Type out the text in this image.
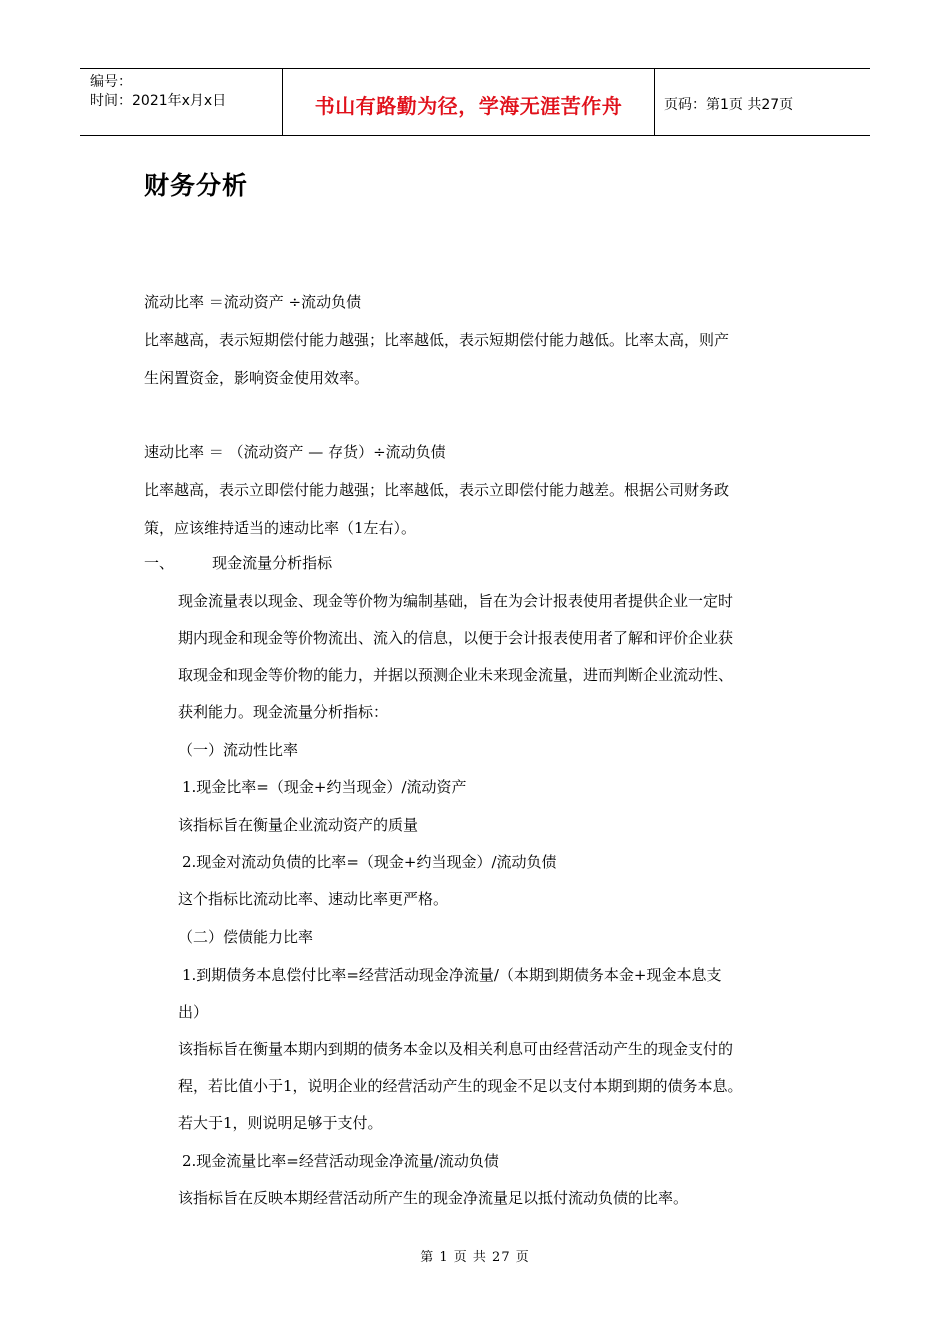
编号：
时间：2021年x月x日	书山有路勤为径，学海无涯苦作舟	页码：第1页 共27页
财务分析
流动比率 ＝流动资产 ÷流动负债
比率越高，表示短期偿付能力越强；比率越低，表示短期偿付能力越低。比率太高，则产
生闲置资金，影响资金使用效率。
速动比率 ＝ （流动资产 — 存货）÷流动负债
比率越高，表示立即偿付能力越强；比率越低，表示立即偿付能力越差。根据公司财务政
策，应该维持适当的速动比率（1左右）。
一、        现金流量分析指标
现金流量表以现金、现金等价物为编制基础，旨在为会计报表使用者提供企业一定时
期内现金和现金等价物流出、流入的信息，以便于会计报表使用者了解和评价企业获
取现金和现金等价物的能力，并据以预测企业未来现金流量，进而判断企业流动性、
获利能力。现金流量分析指标：
（一）流动性比率
1.现金比率=（现金+约当现金）/流动资产
该指标旨在衡量企业流动资产的质量
2.现金对流动负债的比率=（现金+约当现金）/流动负债
这个指标比流动比率、速动比率更严格。
（二）偿债能力比率
1.到期债务本息偿付比率=经营活动现金净流量/（本期到期债务本金+现金本息支
出）
该指标旨在衡量本期内到期的债务本金以及相关利息可由经营活动产生的现金支付的
程，若比值小于1，说明企业的经营活动产生的现金不足以支付本期到期的债务本息。
若大于1，则说明足够于支付。
2.现金流量比率=经营活动现金净流量/流动负债
该指标旨在反映本期经营活动所产生的现金净流量足以抵付流动负债的比率。
第 1 页 共 27 页
